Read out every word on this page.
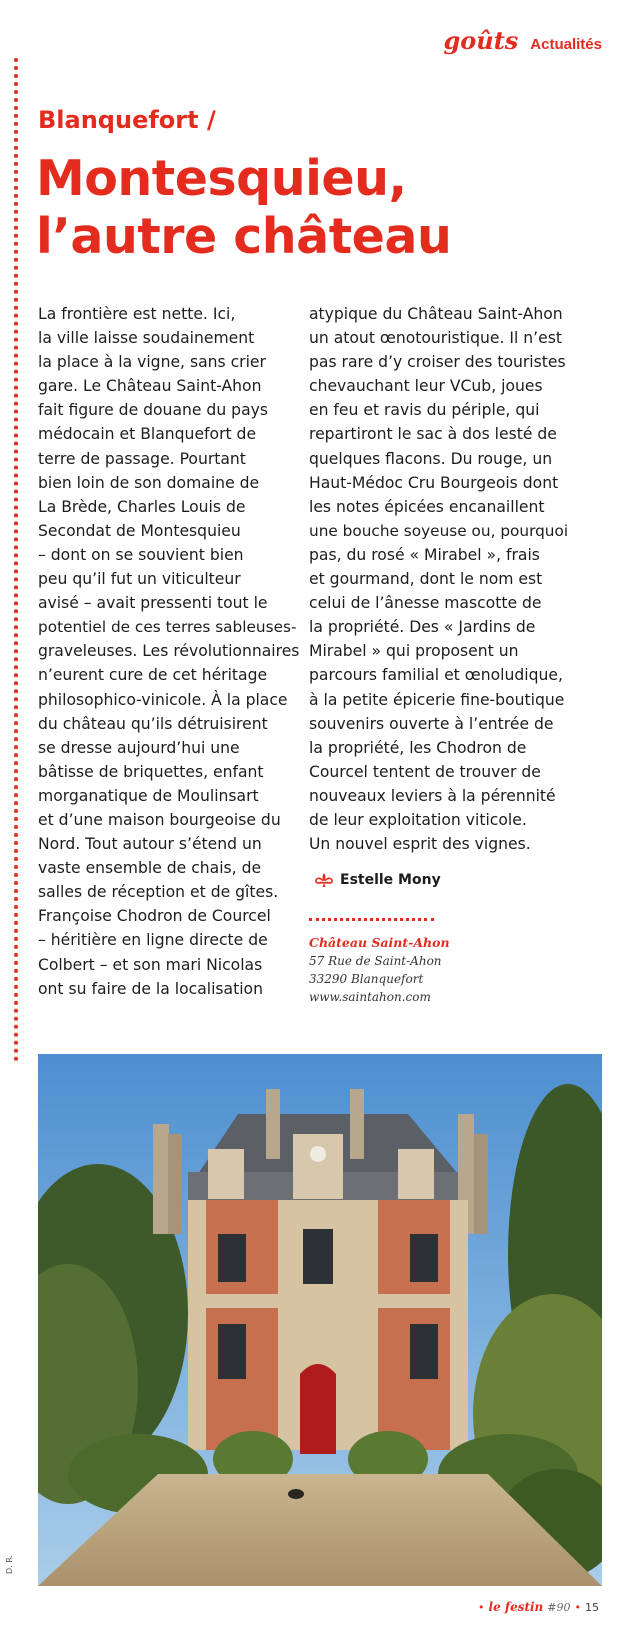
goûts Actualités
Blanquefort /
Montesquieu,
l’autre château
La frontière est nette. Ici,
la ville laisse soudainement
la place à la vigne, sans crier
gare. Le Château Saint-Ahon
fait figure de douane du pays
médocain et Blanquefort de
terre de passage. Pourtant
bien loin de son domaine de
La Brède, Charles Louis de
Secondat de Montesquieu
– dont on se souvient bien
peu qu’il fut un viticulteur
avisé – avait pressenti tout le
potentiel de ces terres sableuses-
graveleuses. Les révolutionnaires
n’eurent cure de cet héritage
philosophico-vinicole. À la place
du château qu’ils détruisirent
se dresse aujourd’hui une
bâtisse de briquettes, enfant
morganatique de Moulinsart
et d’une maison bourgeoise du
Nord. Tout autour s’étend un
vaste ensemble de chais, de
salles de réception et de gîtes.
Françoise Chodron de Courcel
– héritière en ligne directe de
Colbert – et son mari Nicolas
ont su faire de la localisation
atypique du Château Saint-Ahon
un atout œnotouristique. Il n’est
pas rare d’y croiser des touristes
chevauchant leur VCub, joues
en feu et ravis du périple, qui
repartiront le sac à dos lesté de
quelques flacons. Du rouge, un
Haut-Médoc Cru Bourgeois dont
les notes épicées encanaillent
une bouche soyeuse ou, pourquoi
pas, du rosé « Mirabel », frais
et gourmand, dont le nom est
celui de l’ânesse mascotte de
la propriété. Des « Jardins de
Mirabel » qui proposent un
parcours familial et œnoludique,
à la petite épicerie fine-boutique
souvenirs ouverte à l’entrée de
la propriété, les Chodron de
Courcel tentent de trouver de
nouveaux leviers à la pérennité
de leur exploitation viticole.
Un nouvel esprit des vignes.
Estelle Mony
Château Saint-Ahon
57 Rue de Saint-Ahon
33290 Blanquefort
www.saintahon.com
D. R.
• le festin #90 • 15
